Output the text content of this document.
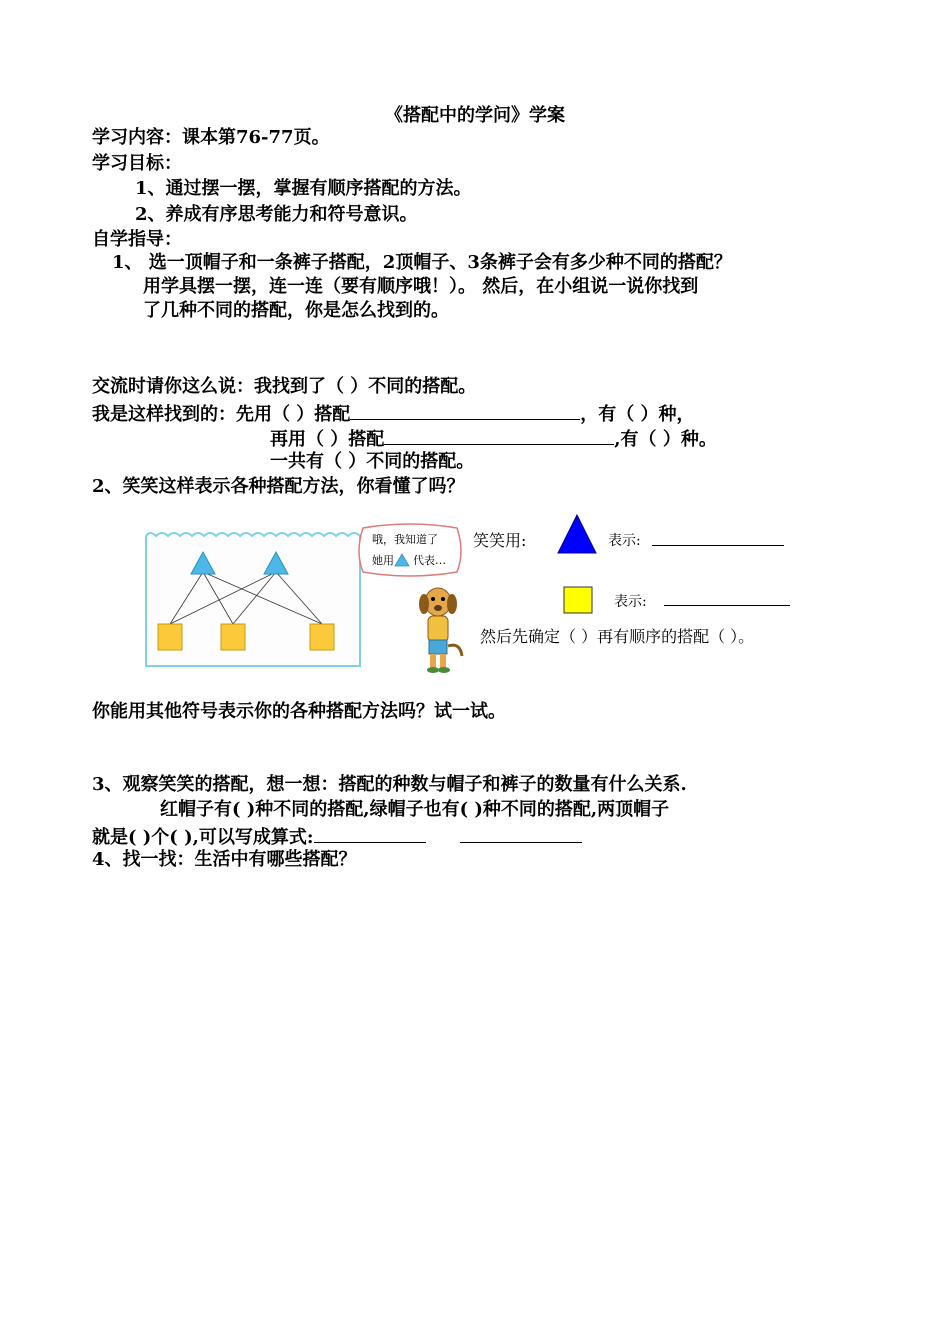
《搭配中的学问》学案
学习内容：课本第76-77页。
学习目标：
1、通过摆一摆，掌握有顺序搭配的方法。
2、养成有序思考能力和符号意识。
自学指导：
1、 选一顶帽子和一条裤子搭配，2顶帽子、3条裤子会有多少种不同的搭配？
用学具摆一摆，连一连（要有顺序哦！）。 然后，在小组说一说你找到
了几种不同的搭配，你是怎么找到的。
交流时请你这么说：我找到了（ ）不同的搭配。
我是这样找到的：先用（ ）搭配	，有（ ）种，
再用（ ）搭配	,有（ ）种。
一共有（ ）不同的搭配。
2、笑笑这样表示各种搭配方法，你看懂了吗？
哦，我知道了
她用 代表…
笑笑用:	表示:
表示:
然后先确定（ ）再有顺序的搭配（ ）。
你能用其他符号表示你的各种搭配方法吗？试一试。
3、观察笑笑的搭配，想一想：搭配的种数与帽子和裤子的数量有什么关系.
红帽子有( )种不同的搭配,绿帽子也有( )种不同的搭配,两顶帽子
就是( )个( ),可以写成算式:
4、找一找：生活中有哪些搭配？
